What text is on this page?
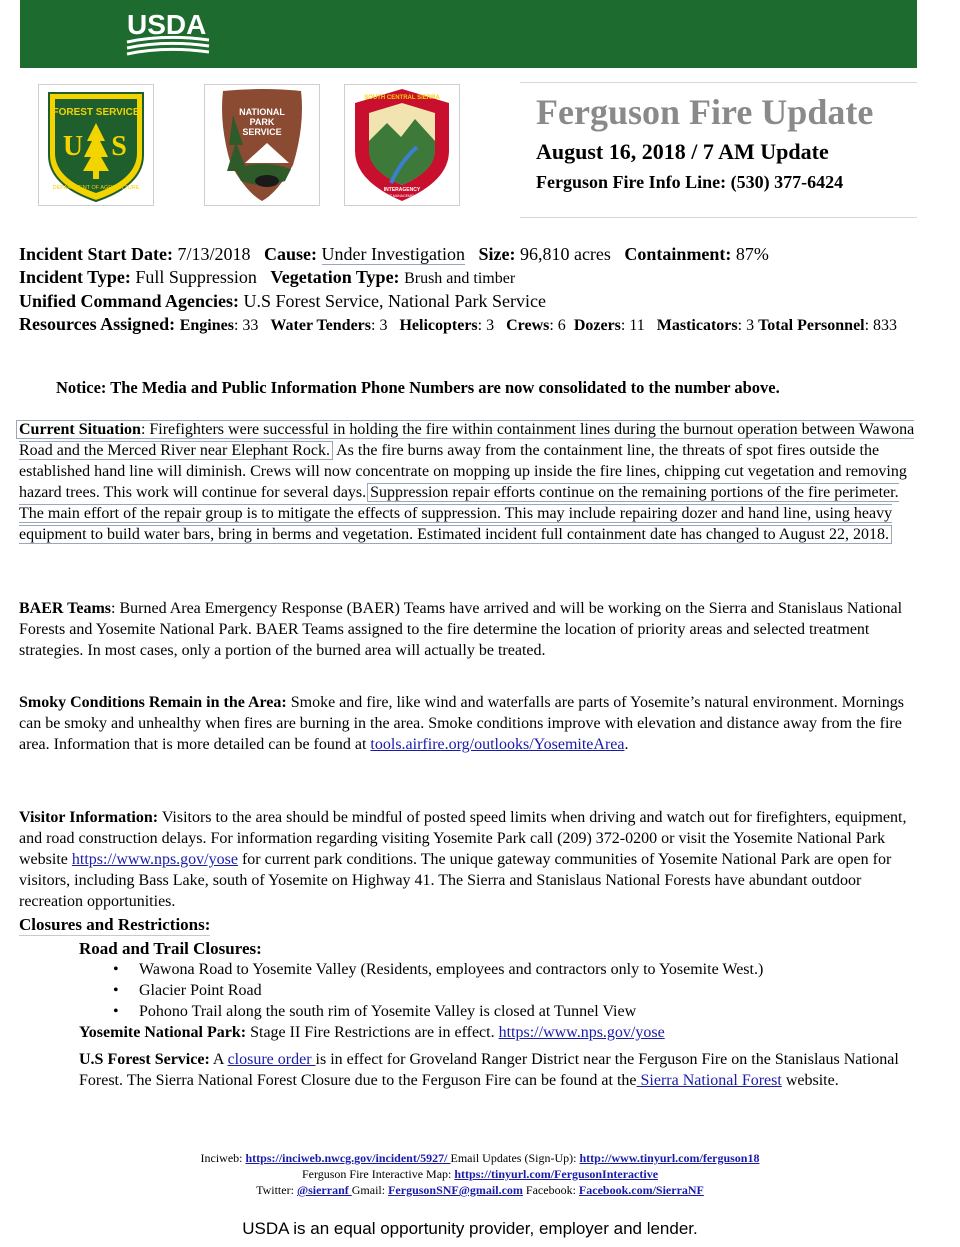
USDA
FOREST SERVICE
U S
DEPARTMENT OF AGRICULTURE
NATIONAL
PARK
SERVICE
SOUTH CENTRAL SIERRA
INTERAGENCY
INCIDENT MANAGEMENT TEAM
Ferguson Fire Update
August 16, 2018 / 7 AM Update
Ferguson Fire Info Line: (530) 377-6424
Incident Start Date: 7/13/2018 Cause: Under Investigation Size: 96,810 acres Containment: 87%
Incident Type: Full Suppression Vegetation Type: Brush and timber
Unified Command Agencies: U.S Forest Service, National Park Service
Resources Assigned: Engines: 33 Water Tenders: 3 Helicopters: 3 Crews: 6 Dozers: 11 Masticators: 3 Total Personnel: 833
Notice: The Media and Public Information Phone Numbers are now consolidated to the number above.
Current Situation: Firefighters were successful in holding the fire within containment lines during the burnout operation between Wawona Road and the Merced River near Elephant Rock. As the fire burns away from the containment line, the threats of spot fires outside the established hand line will diminish. Crews will now concentrate on mopping up inside the fire lines, chipping cut vegetation and removing hazard trees. This work will continue for several days. Suppression repair efforts continue on the remaining portions of the fire perimeter. The main effort of the repair group is to mitigate the effects of suppression. This may include repairing dozer and hand line, using heavy equipment to build water bars, bring in berms and vegetation. Estimated incident full containment date has changed to August 22, 2018.
BAER Teams: Burned Area Emergency Response (BAER) Teams have arrived and will be working on the Sierra and Stanislaus National Forests and Yosemite National Park. BAER Teams assigned to the fire determine the location of priority areas and selected treatment strategies. In most cases, only a portion of the burned area will actually be treated.
Smoky Conditions Remain in the Area: Smoke and fire, like wind and waterfalls are parts of Yosemite’s natural environment. Mornings can be smoky and unhealthy when fires are burning in the area. Smoke conditions improve with elevation and distance away from the fire area. Information that is more detailed can be found at tools.airfire.org/outlooks/YosemiteArea.
Visitor Information: Visitors to the area should be mindful of posted speed limits when driving and watch out for firefighters, equipment, and road construction delays. For information regarding visiting Yosemite Park call (209) 372-0200 or visit the Yosemite National Park website https://www.nps.gov/yose for current park conditions. The unique gateway communities of Yosemite National Park are open for visitors, including Bass Lake, south of Yosemite on Highway 41. The Sierra and Stanislaus National Forests have abundant outdoor recreation opportunities.
Closures and Restrictions:
Road and Trail Closures:
• Wawona Road to Yosemite Valley (Residents, employees and contractors only to Yosemite West.)
• Glacier Point Road
• Pohono Trail along the south rim of Yosemite Valley is closed at Tunnel View
Yosemite National Park: Stage II Fire Restrictions are in effect. https://www.nps.gov/yose
U.S Forest Service: A closure order is in effect for Groveland Ranger District near the Ferguson Fire on the Stanislaus National Forest. The Sierra National Forest Closure due to the Ferguson Fire can be found at the Sierra National Forest website.
Inciweb: https://inciweb.nwcg.gov/incident/5927/ Email Updates (Sign-Up): http://www.tinyurl.com/ferguson18
Ferguson Fire Interactive Map: https://tinyurl.com/FergusonInteractive
Twitter: @sierranf Gmail: FergusonSNF@gmail.com Facebook: Facebook.com/SierraNF
USDA is an equal opportunity provider, employer and lender.
